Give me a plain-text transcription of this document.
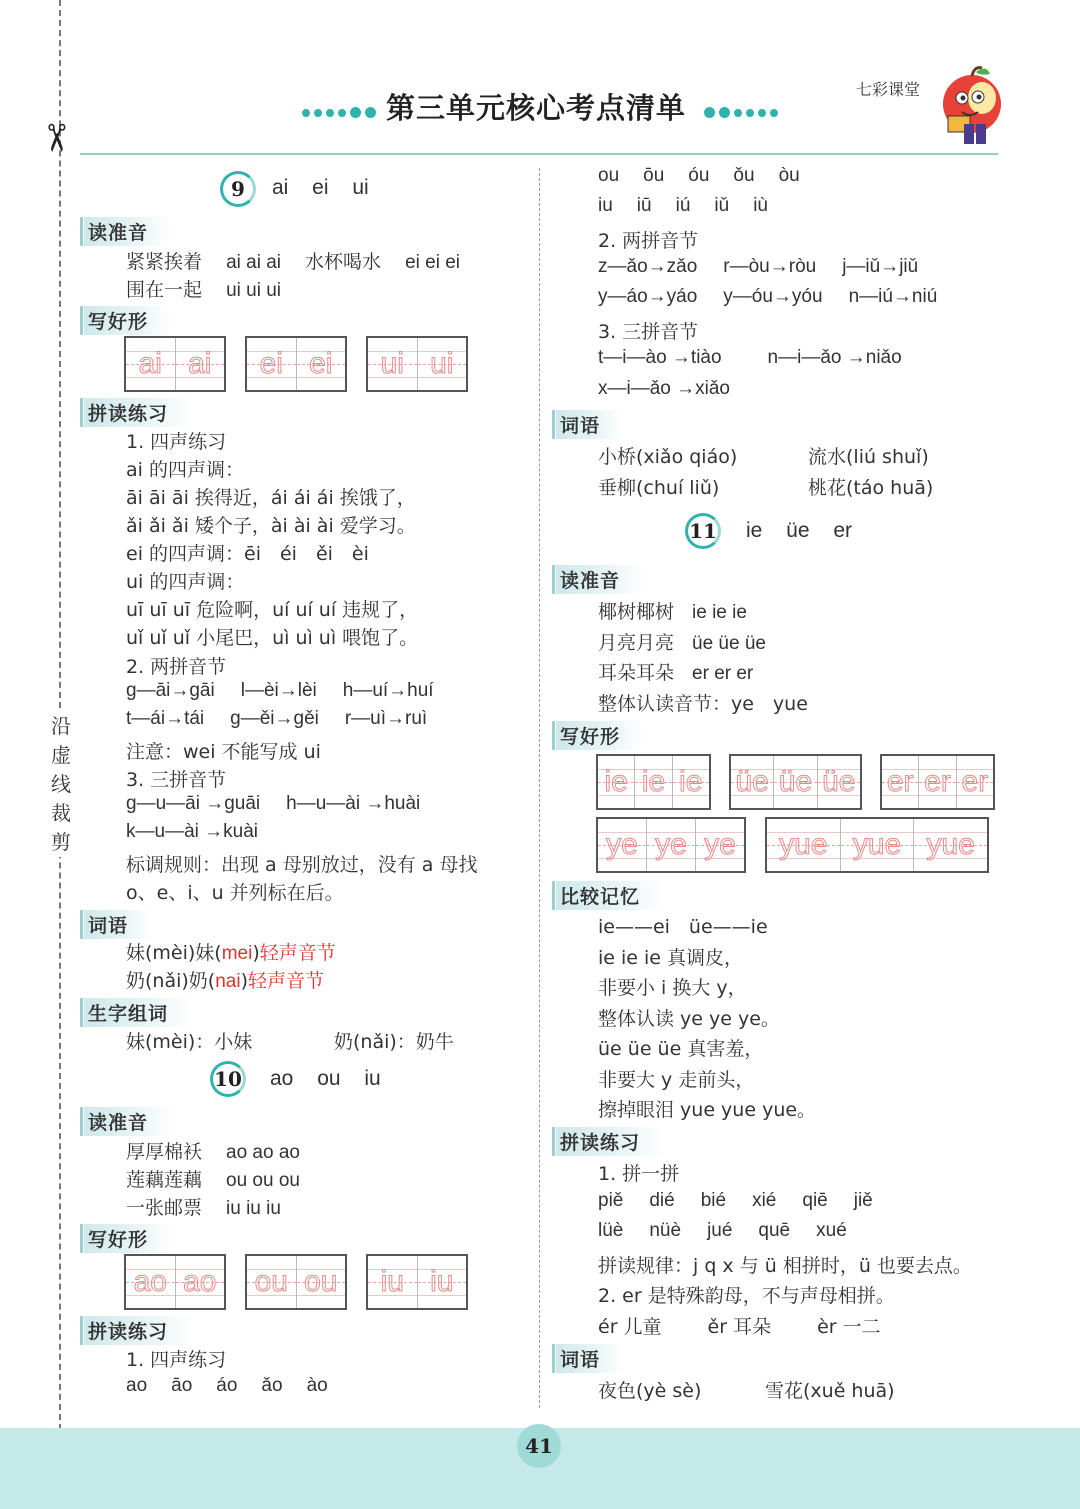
✂
沿
虚
线
裁
剪
第三单元核心考点清单
七彩课堂
9	ai ei ui
读准音
紧紧挨着 ai ai ai 水杯喝水 ei ei ei
围在一起 ui ui ui
写好形
ai ai	ei ei	ui ui
拼读练习
1. 四声练习
ai 的四声调：
āi āi āi 挨得近，ái ái ái 挨饿了，
ǎi ǎi ǎi 矮个子，ài ài ài 爱学习。
ei 的四声调：ēi　éi　ěi　èi
ui 的四声调：
uī uī uī 危险啊，uí uí uí 违规了，
uǐ uǐ uǐ 小尾巴，uì uì uì 喂饱了。
2. 两拼音节
g—āi→gāi l—èi→lèi h—uí→huí
t—ái→tái g—ěi→gěi r—uì→ruì
注意：wei 不能写成 ui
3. 三拼音节
g—u—āi →guāi h—u—ài →huài
k—u—ài →kuài
标调规则：出现 a 母别放过，没有 a 母找
o、e、i、u 并列标在后。
词语
妹(mèi)妹(mei)轻声音节
奶(nǎi)奶(nai)轻声音节
生字组词
妹(mèi)：小妹	奶(nǎi)：奶牛
10 ao ou iu
读准音
厚厚棉袄 ao ao ao
莲藕莲藕 ou ou ou
一张邮票 iu iu iu
写好形
ao ao ou ou	iu iu
拼读练习
1. 四声练习
ao āo áo ǎo ào
ou ōu óu ǒu òu
iu iū iú iǔ iù
2. 两拼音节
z—ǎo→zǎo r—òu→ròu j—iǔ→jiǔ
y—áo→yáo y—óu→yóu n—iú→niú
3. 三拼音节
t—i—ào →tiào n—i—ǎo →niǎo
x—i—ǎo →xiǎo
词语
小桥(xiǎo qiáo)	流水(liú shuǐ)
垂柳(chuí liǔ)	桃花(táo huā)
11 ie üe er
读准音
椰树椰树 ie ie ie
月亮月亮 üe üe üe
耳朵耳朵 er er er
整体认读音节：ye　yue
写好形
ie ie ie üe üe üe er er er
ye ye ye	yue yue yue
比较记忆
ie——ei　üe——ie
ie ie ie 真调皮，
非要小 i 换大 y，
整体认读 ye ye ye。
üe üe üe 真害羞，
非要大 y 走前头，
擦掉眼泪 yue yue yue。
拼读练习
1. 拼一拼
piě dié bié xié qiē jiě
lüè nüè jué quē xué
拼读规律：j q x 与 ü 相拼时，ü 也要去点。
2. er 是特殊韵母，不与声母相拼。
ér 儿童 ěr 耳朵 èr 一二
词语
夜色(yè sè)	雪花(xuě huā)
41
